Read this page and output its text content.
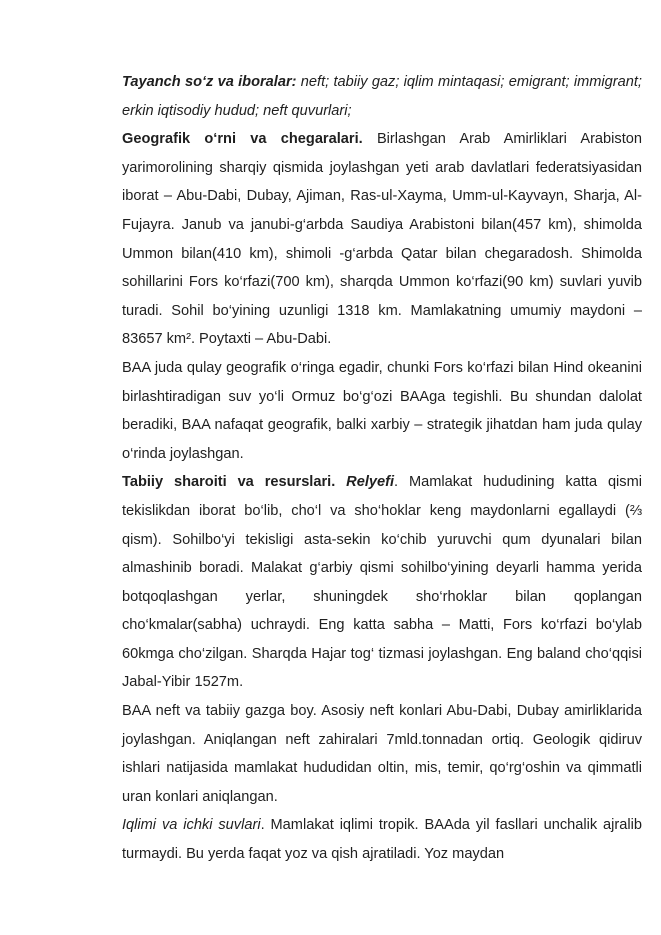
Tayanch so‘z va iboralar: neft; tabiiy gaz; iqlim mintaqasi; emigrant; immigrant; erkin iqtisodiy hudud; neft quvurlari;

Geografik o‘rni va chegaralari. Birlashgan Arab Amirliklari Arabiston yarimorolining sharqiy qismida joylashgan yeti arab davlatlari federatsiyasidan iborat – Abu-Dabi, Dubay, Ajiman, Ras-ul-Xayma, Umm-ul-Kayvayn, Sharja, Al-Fujayra. Janub va janubi-g‘arbda Saudiya Arabistoni bilan(457 km), shimolda Ummon bilan(410 km), shimoli -g‘arbda Qatar bilan chegaradosh. Shimolda sohillarini Fors ko‘rfazi(700 km), sharqda Ummon ko‘rfazi(90 km) suvlari yuvib turadi. Sohil bo‘yining uzunligi 1318 km. Mamlakatning umumiy maydoni – 83657 km². Poytaxti – Abu-Dabi.

BAA juda qulay geografik o‘ringa egadir, chunki Fors ko‘rfazi bilan Hind okeanini birlashtiradigan suv yo‘li Ormuz bo‘g‘ozi BAAga tegishli. Bu shundan dalolat beradiki, BAA nafaqat geografik, balki xarbiy – strategik jihatdan ham juda qulay o‘rinda joylashgan.

Tabiiy sharoiti va resurslari. Relyefi. Mamlakat hududining katta qismi tekislikdan iborat bo‘lib, cho‘l va sho‘hoklar keng maydonlarni egallaydi (⅔ qism). Sohilbo‘yi tekisligi asta-sekin ko‘chib yuruvchi qum dyunalari bilan almashinib boradi. Malakat g‘arbiy qismi sohilbo‘yining deyarli hamma yerida botqoqlashgan yerlar, shuningdek sho‘rhoklar bilan qoplangan cho‘kmalar(sabha) uchraydi. Eng katta sabha – Matti, Fors ko‘rfazi bo‘ylab 60kmga cho‘zilgan. Sharqda Hajar tog‘ tizmasi joylashgan. Eng baland cho‘qqisi Jabal-Yibir 1527m.

BAA neft va tabiiy gazga boy. Asosiy neft konlari Abu-Dabi, Dubay amirliklarida joylashgan. Aniqlangan neft zahiralari 7mld.tonnadan ortiq. Geologik qidiruv ishlari natijasida mamlakat hududidan oltin, mis, temir, qo‘rg‘oshin va qimmatli uran konlari aniqlangan.

Iqlimi va ichki suvlari. Mamlakat iqlimi tropik. BAAda yil fasllari unchalik ajralib turmaydi. Bu yerda faqat yoz va qish ajratiladi. Yoz maydan
